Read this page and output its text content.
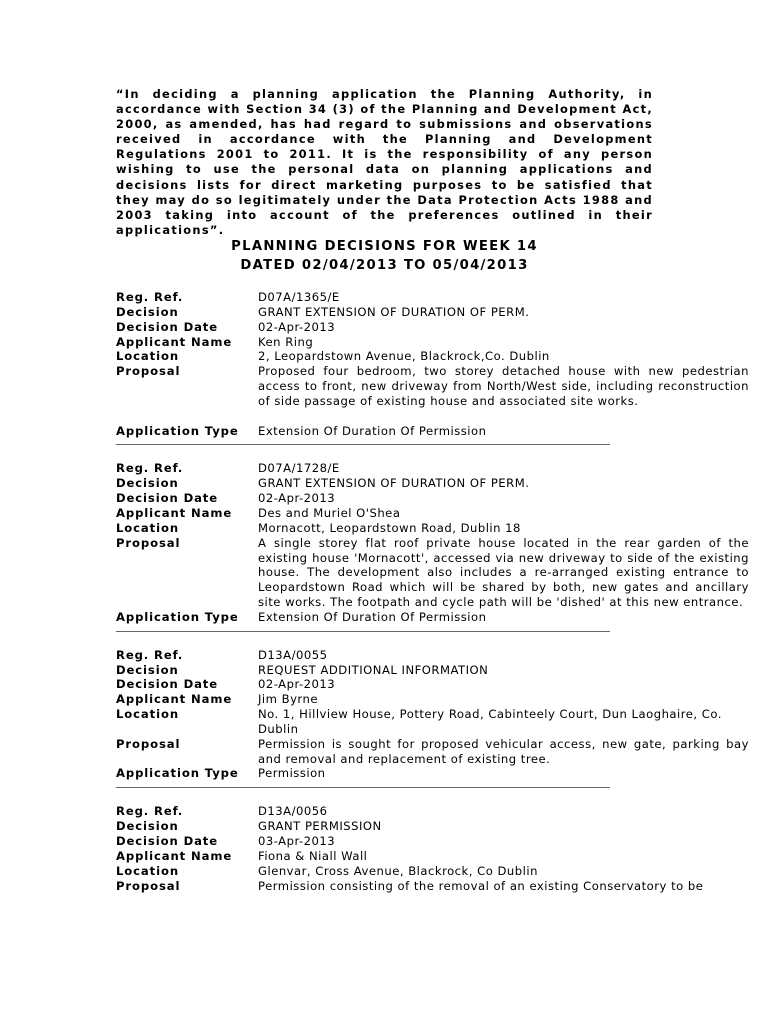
“In deciding a planning application the Planning Authority, in accordance with Section 34 (3) of the Planning and Development Act, 2000, as amended, has had regard to submissions and observations received in accordance with the Planning and Development Regulations 2001 to 2011. It is the responsibility of any person wishing to use the personal data on planning applications and decisions lists for direct marketing purposes to be satisfied that they may do so legitimately under the Data Protection Acts 1988 and 2003 taking into account of the preferences outlined in their applications”.

PLANNING DECISIONS FOR WEEK 14

DATED 02/04/2013 TO 05/04/2013

Reg. Ref.	D07A/1365/E
Decision	GRANT EXTENSION OF DURATION OF PERM.
Decision Date	02-Apr-2013
Applicant Name	Ken Ring
Location	2, Leopardstown Avenue, Blackrock,Co. Dublin
Proposal	Proposed four bedroom, two storey detached house with new pedestrian access to front, new driveway from North/West side, including reconstruction of side passage of existing house and associated site works.
Application Type	Extension Of Duration Of Permission
Reg. Ref.	D07A/1728/E
Decision	GRANT EXTENSION OF DURATION OF PERM.
Decision Date	02-Apr-2013
Applicant Name	Des and Muriel O'Shea
Location	Mornacott, Leopardstown Road, Dublin 18
Proposal	A single storey flat roof private house located in the rear garden of the existing house 'Mornacott', accessed via new driveway to side of the existing house. The development also includes a re-arranged existing entrance to Leopardstown Road which will be shared by both, new gates and ancillary site works. The footpath and cycle path will be 'dished' at this new entrance.
Application Type	Extension Of Duration Of Permission
Reg. Ref.	D13A/0055
Decision	REQUEST ADDITIONAL INFORMATION
Decision Date	02-Apr-2013
Applicant Name	Jim Byrne
Location	No. 1, Hillview House, Pottery Road, Cabinteely Court, Dun Laoghaire, Co. Dublin
Proposal	Permission is sought for proposed vehicular access, new gate, parking bay and removal and replacement of existing tree.
Application Type	Permission
Reg. Ref.	D13A/0056
Decision	GRANT PERMISSION
Decision Date	03-Apr-2013
Applicant Name	Fiona & Niall Wall
Location	Glenvar, Cross Avenue, Blackrock, Co Dublin
Proposal	Permission consisting of the removal of an existing Conservatory to be
